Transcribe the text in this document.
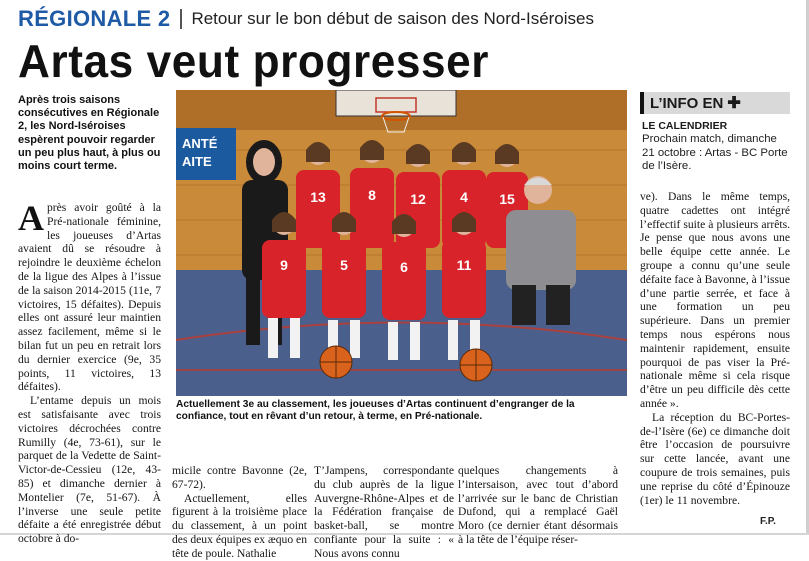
RÉGIONALE 2 Retour sur le bon début de saison des Nord-Iséroises
Artas veut progresser
Après trois saisons consécutives en Régionale 2, les Nord-Iséroises espèrent pouvoir regarder un peu plus haut, à plus ou moins court terme.
ANTÉ
AITE
13	8 12 4 15
9	5	6	11
Actuellement 3e au classement, les joueuses d’Artas continuent d’engranger de la confiance, tout en rêvant d’un retour, à terme, en Pré-nationale.
L’INFO EN ✚
LE CALENDRIER
Prochain match, dimanche 21 octobre : Artas - BC Porte de l’Isère.

Après avoir goûté à la Pré-nationale féminine, les joueuses d’Artas avaient dû se résoudre à rejoindre le deuxième échelon de la ligue des Alpes à l’issue de la saison 2014-2015 (11e, 7 victoires, 15 défaites). Depuis elles ont assuré leur maintien assez facilement, même si le bilan fut un peu en retrait lors du dernier exercice (9e, 35 points, 11 victoires, 13 défaites).

L’entame depuis un mois est satisfaisante avec trois victoires décrochées contre Rumilly (4e, 73-61), sur le parquet de la Vedette de Saint-Victor-de-Cessieu (12e, 43-85) et dimanche dernier à Montelier (7e, 51-67). À l’inverse une seule petite défaite a été enregistrée début octobre à do-

micile contre Bavonne (2e, 67-72).

Actuellement, elles figurent à la troisième place du classement, à un point des deux équipes ex æquo en tête de poule. Nathalie

T’Jampens, correspondante du club auprès de la ligue Auvergne-Rhône-Alpes et de la Fédération française de basket-ball, se montre confiante pour la suite : « Nous avons connu

quelques changements à l’intersaison, avec tout d’abord l’arrivée sur le banc de Christian Dufond, qui a remplacé Gaël Moro (ce dernier étant désormais à la tête de l’équipe réser-

ve). Dans le même temps, quatre cadettes ont intégré l’effectif suite à plusieurs arrêts. Je pense que nous avons une belle équipe cette année. Le groupe a connu qu’une seule défaite face à Bavonne, à l’issue d’une partie serrée, et face à une formation un peu supérieure. Dans un premier temps nous espérons nous maintenir rapidement, ensuite pourquoi de pas viser la Pré-nationale même si cela risque d’être un peu difficile dès cette année ».

La réception du BC-Portes-de-l’Isère (6e) ce dimanche doit être l’occasion de poursuivre sur cette lancée, avant une coupure de trois semaines, puis une reprise du côté d’Épinouze (1er) le 11 novembre.

F.P.
